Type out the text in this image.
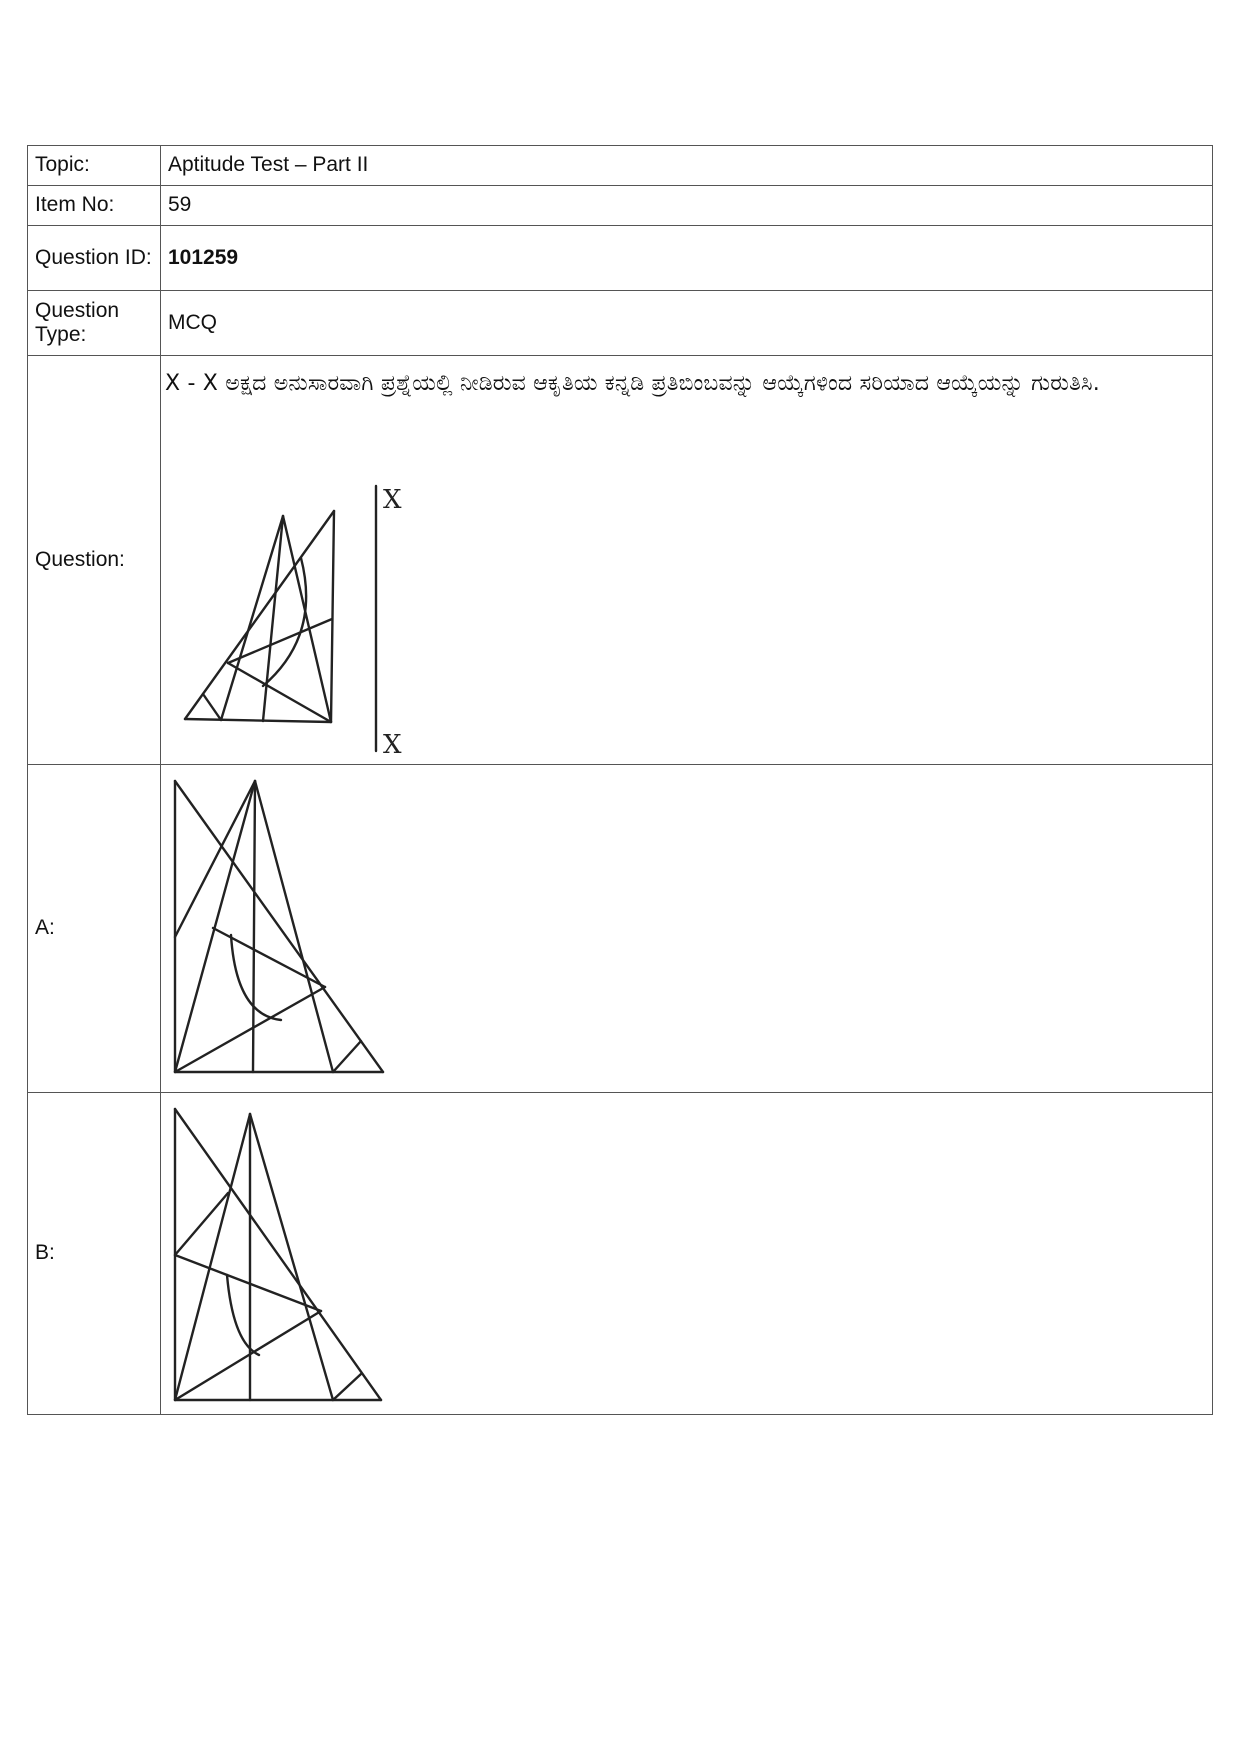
Topic:	Aptitude Test – Part II
Item No:	59
Question ID:	101259
Question Type:	MCQ
Question:	X - X ಅಕ್ಷದ ಅನುಸಾರವಾಗಿ ಪ್ರಶ್ನೆಯಲ್ಲಿ ನೀಡಿರುವ ಆಕೃತಿಯ ಕನ್ನಡಿ ಪ್ರತಿಬಿಂಬವನ್ನು ಆಯ್ಕೆಗಳಿಂದ ಸರಿಯಾದ ಆಯ್ಕೆಯನ್ನು ಗುರುತಿಸಿ.
X
X

A:	

B:	
